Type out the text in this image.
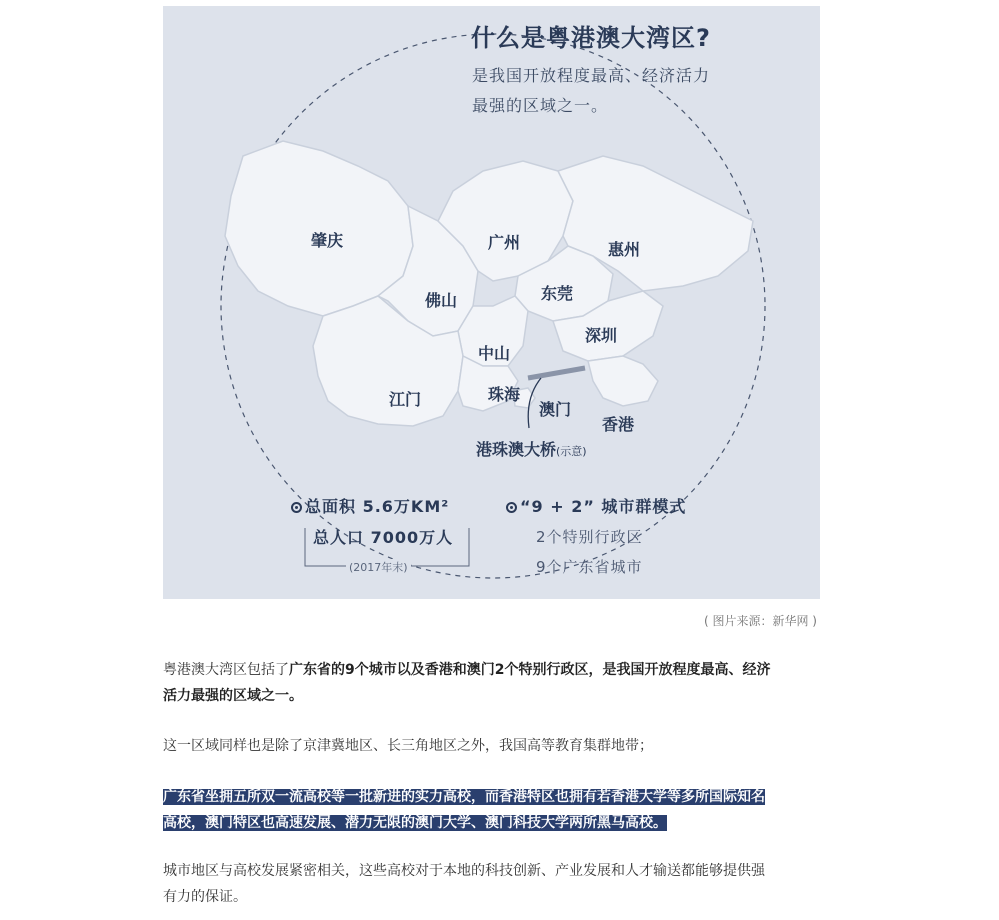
什么是粤港澳大湾区?
是我国开放程度最高、经济活力
最强的区域之一。
肇庆	广州	惠州
佛山	东莞
深圳
中山
江门	珠海
澳门
香港
港珠澳大桥(示意)
总面积 5.6万KM²
总人口 7000万人
(2017年末)
“9 + 2” 城市群模式
2个特别行政区
9个广东省城市
( 图片来源：新华网 )
粤港澳大湾区包括了广东省的9个城市以及香港和澳门2个特别行政区，是我国开放程度最高、经济
活力最强的区域之一。
这一区域同样也是除了京津冀地区、长三角地区之外，我国高等教育集群地带；
广东省坐拥五所双一流高校等一批新进的实力高校，而香港特区也拥有若香港大学等多所国际知名
高校，澳门特区也高速发展、潜力无限的澳门大学、澳门科技大学两所黑马高校。
城市地区与高校发展紧密相关，这些高校对于本地的科技创新、产业发展和人才输送都能够提供强
有力的保证。
